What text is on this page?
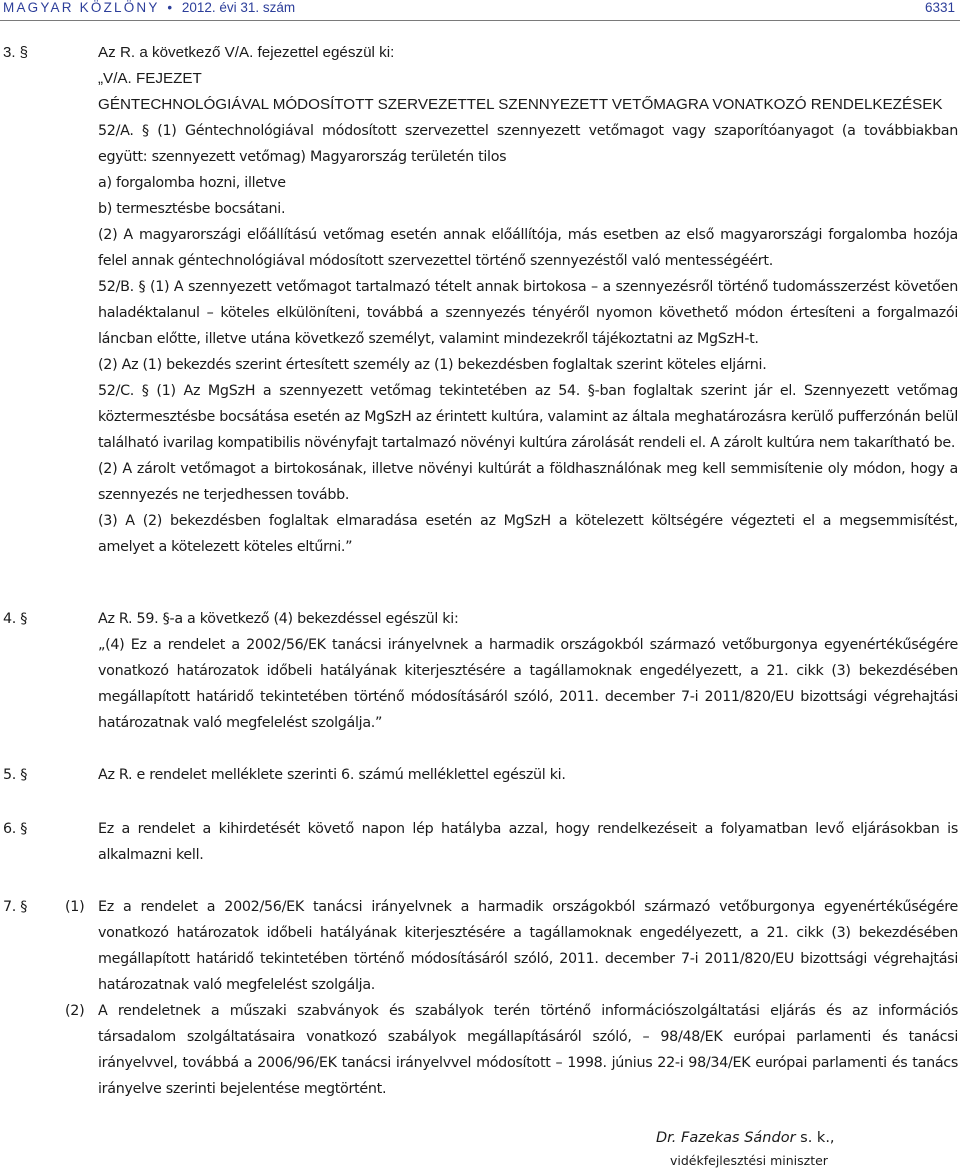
MAGYAR KÖZLÖNY • 2012. évi 31. szám	6331
3. §	Az R. a következő V/A. fejezettel egészül ki:
„V/A. FEJEZET
GÉNTECHNOLÓGIÁVAL MÓDOSÍTOTT SZERVEZETTEL SZENNYEZETT VETŐMAGRA VONATKOZÓ RENDELKEZÉSEK
52/A. § (1) Géntechnológiával módosított szervezettel szennyezett vetőmagot vagy szaporítóanyagot (a továbbiakban együtt: szennyezett vetőmag) Magyarország területén tilos
a) forgalomba hozni, illetve
b) termesztésbe bocsátani.
(2) A magyarországi előállítású vetőmag esetén annak előállítója, más esetben az első magyarországi forgalomba hozója felel annak géntechnológiával módosított szervezettel történő szennyezéstől való mentességéért.
52/B. § (1) A szennyezett vetőmagot tartalmazó tételt annak birtokosa – a szennyezésről történő tudomásszerzést követően haladéktalanul – köteles elkülöníteni, továbbá a szennyezés tényéről nyomon követhető módon értesíteni a forgalmazói láncban előtte, illetve utána következő személyt, valamint mindezekről tájékoztatni az MgSzH-t.
(2) Az (1) bekezdés szerint értesített személy az (1) bekezdésben foglaltak szerint köteles eljárni.
52/C. § (1) Az MgSzH a szennyezett vetőmag tekintetében az 54. §-ban foglaltak szerint jár el. Szennyezett vetőmag köztermesztésbe bocsátása esetén az MgSzH az érintett kultúra, valamint az általa meghatározásra kerülő pufferzónán belül található ivarilag kompatibilis növényfajt tartalmazó növényi kultúra zárolását rendeli el. A zárolt kultúra nem takarítható be.
(2) A zárolt vetőmagot a birtokosának, illetve növényi kultúrát a földhasználónak meg kell semmisítenie oly módon, hogy a szennyezés ne terjedhessen tovább.
(3) A (2) bekezdésben foglaltak elmaradása esetén az MgSzH a kötelezett költségére végezteti el a megsemmisítést, amelyet a kötelezett köteles eltűrni.”
4. §	Az R. 59. §-a a következő (4) bekezdéssel egészül ki:
„(4) Ez a rendelet a 2002/56/EK tanácsi irányelvnek a harmadik országokból származó vetőburgonya egyenértékűségére vonatkozó határozatok időbeli hatályának kiterjesztésére a tagállamoknak engedélyezett, a 21. cikk (3) bekezdésében megállapított határidő tekintetében történő módosításáról szóló, 2011. december 7-i 2011/820/EU bizottsági végrehajtási határozatnak való megfelelést szolgálja.”
5. §	Az R. e rendelet melléklete szerinti 6. számú melléklettel egészül ki.
6. §	Ez a rendelet a kihirdetését követő napon lép hatályba azzal, hogy rendelkezéseit a folyamatban levő eljárásokban is alkalmazni kell.
7. §	(1) Ez a rendelet a 2002/56/EK tanácsi irányelvnek a harmadik országokból származó vetőburgonya egyenértékűségére vonatkozó határozatok időbeli hatályának kiterjesztésére a tagállamoknak engedélyezett, a 21. cikk (3) bekezdésében megállapított határidő tekintetében történő módosításáról szóló, 2011. december 7-i 2011/820/EU bizottsági végrehajtási határozatnak való megfelelést szolgálja.
(2) A rendeletnek a műszaki szabványok és szabályok terén történő információszolgáltatási eljárás és az információs társadalom szolgáltatásaira vonatkozó szabályok megállapításáról szóló, – 98/48/EK európai parlamenti és tanácsi irányelvvel, továbbá a 2006/96/EK tanácsi irányelvvel módosított – 1998. június 22-i 98/34/EK európai parlamenti és tanács irányelve szerinti bejelentése megtörtént.
Dr. Fazekas Sándor s. k.,
vidékfejlesztési miniszter
